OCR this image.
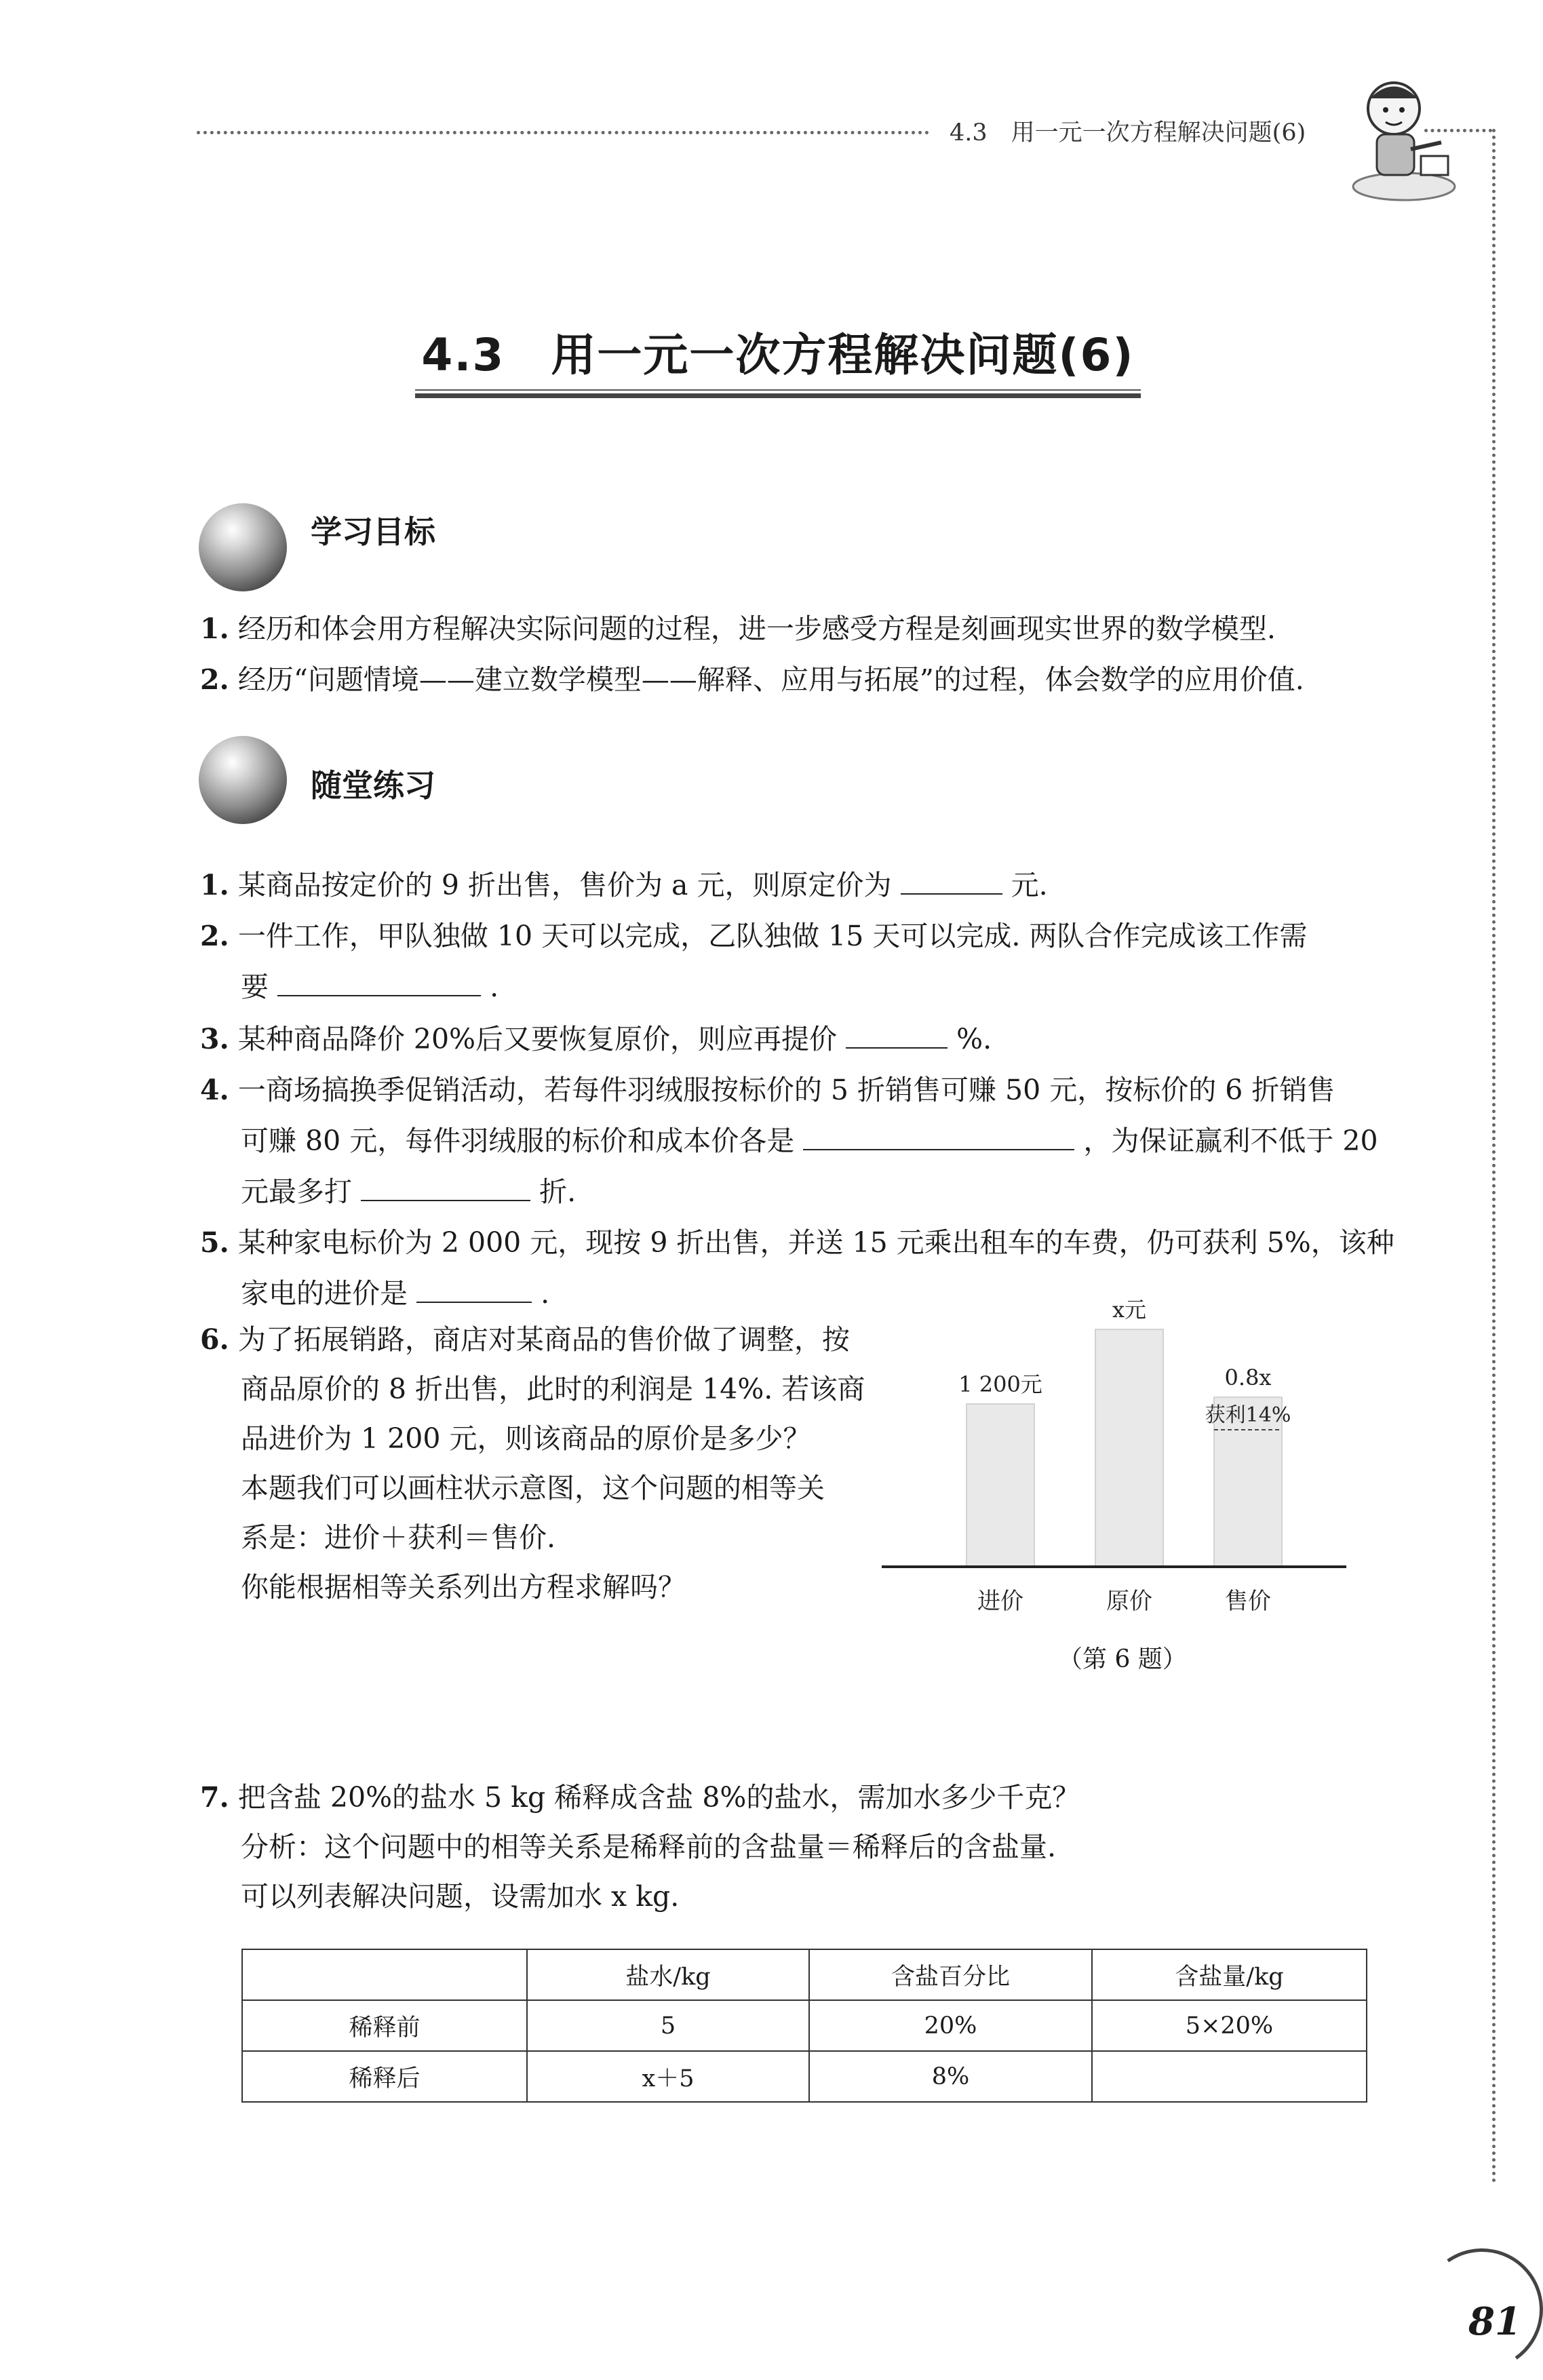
4.3　用一元一次方程解决问题(6)
4.3　用一元一次方程解决问题(6)
学习目标
1. 经历和体会用方程解决实际问题的过程，进一步感受方程是刻画现实世界的数学模型.
2. 经历“问题情境——建立数学模型——解释、应用与拓展”的过程，体会数学的应用价值.
随堂练习
1. 某商品按定价的 9 折出售，售价为 a 元，则原定价为	元.
2. 一件工作，甲队独做 10 天可以完成，乙队独做 15 天可以完成. 两队合作完成该工作需
要	.
3. 某种商品降价 20%后又要恢复原价，则应再提价	%.
4. 一商场搞换季促销活动，若每件羽绒服按标价的 5 折销售可赚 50 元，按标价的 6 折销售
可赚 80 元，每件羽绒服的标价和成本价各是	，为保证赢利不低于 20
元最多打	折.
5. 某种家电标价为 2 000 元，现按 9 折出售，并送 15 元乘出租车的车费，仍可获利 5%，该种
家电的进价是	.
6. 为了拓展销路，商店对某商品的售价做了调整，按
商品原价的 8 折出售，此时的利润是 14%. 若该商
品进价为 1 200 元，则该商品的原价是多少？
本题我们可以画柱状示意图，这个问题的相等关
系是：进价＋获利＝售价.
你能根据相等关系列出方程求解吗？
1 200元
进价
x元
原价
0.8x
售价
获利14%
（第 6 题）
7. 把含盐 20%的盐水 5 kg 稀释成含盐 8%的盐水，需加水多少千克？
分析：这个问题中的相等关系是稀释前的含盐量＝稀释后的含盐量.
可以列表解决问题，设需加水 x kg.
	盐水/kg	含盐百分比	含盐量/kg
稀释前	5	20%	5×20%
稀释后	x＋5	8%	
81
